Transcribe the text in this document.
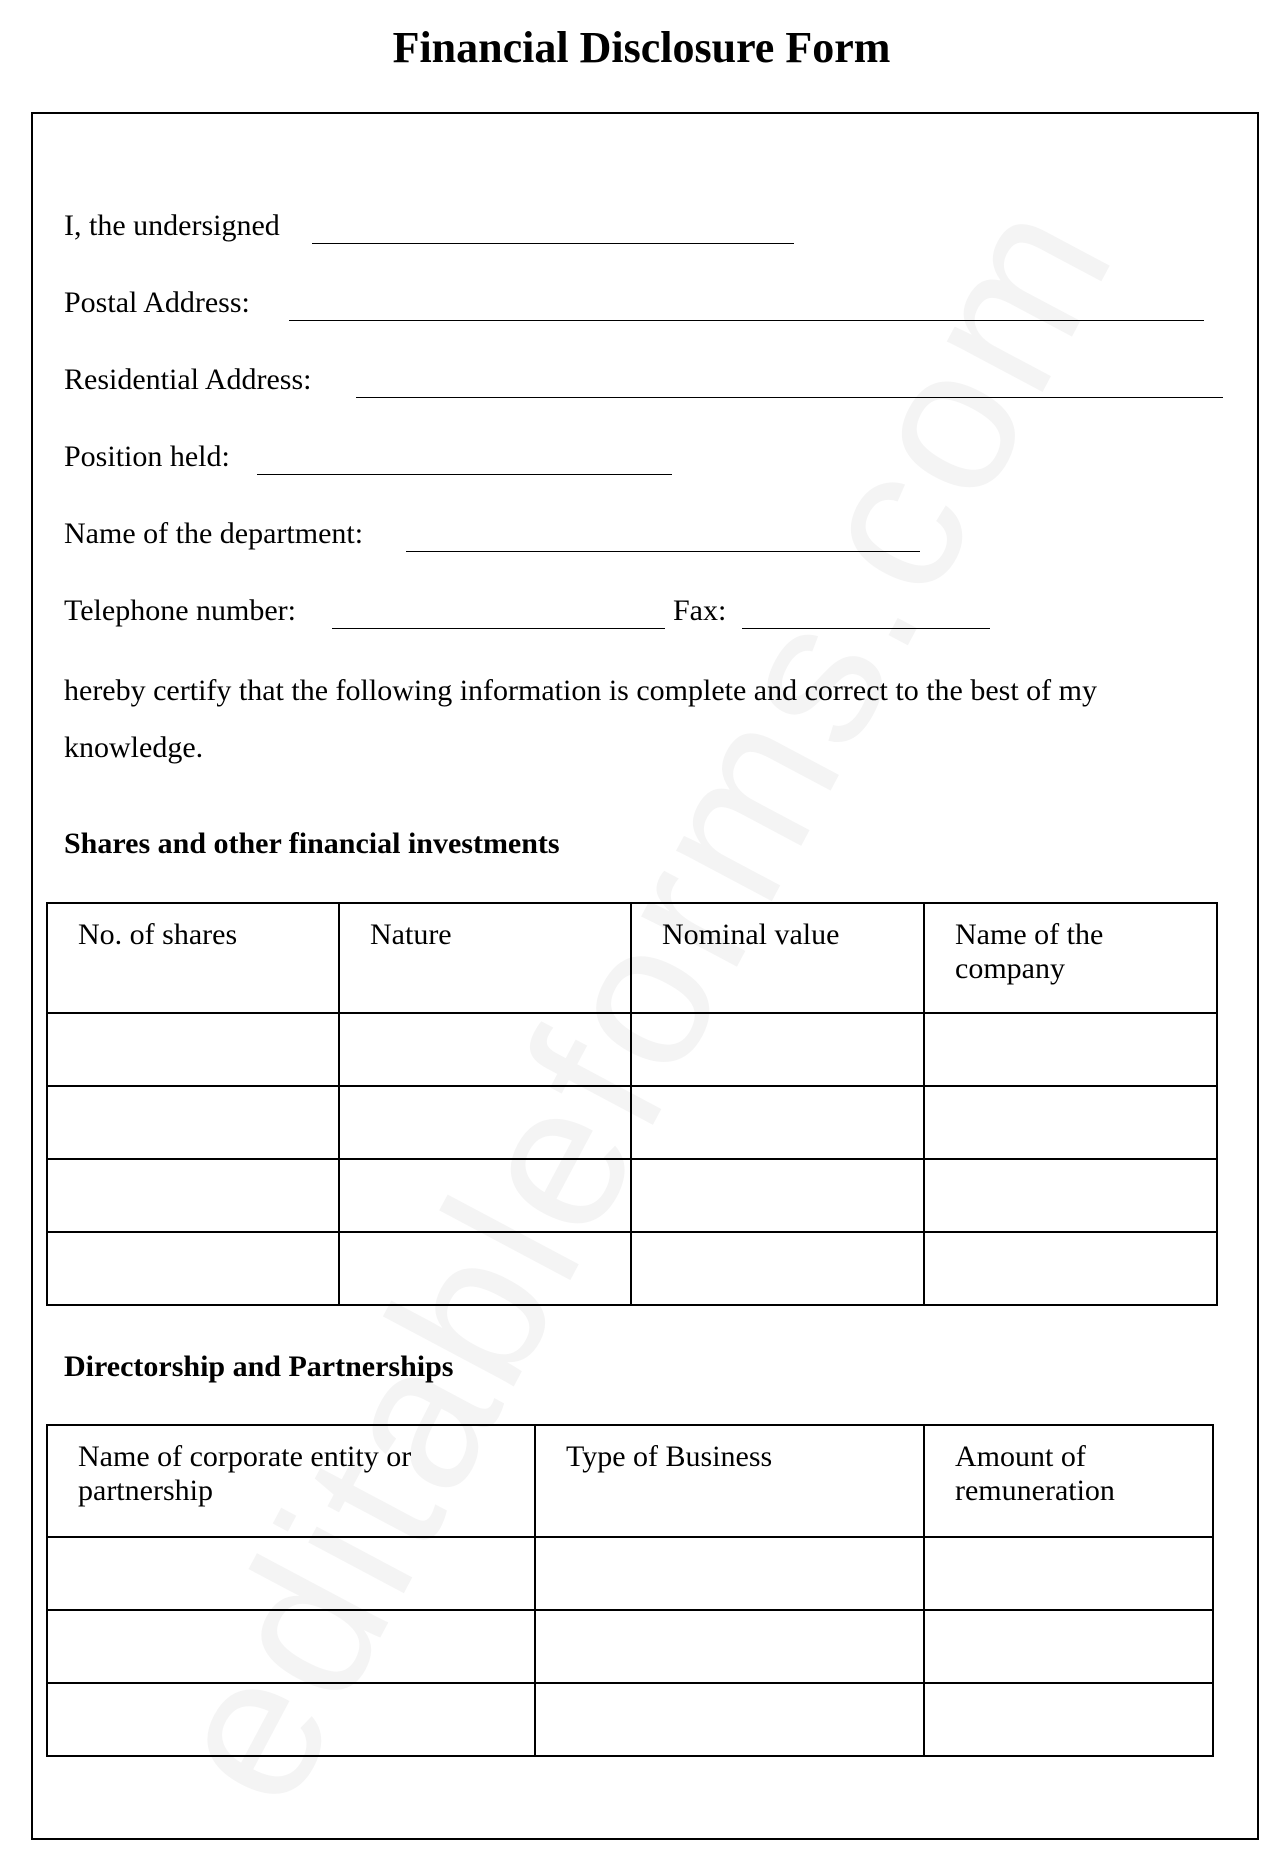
Financial Disclosure Form
I, the undersigned
Postal Address:
Residential Address:
Position held:
Name of the department:
Telephone number:	Fax:
hereby certify that the following information is complete and correct to the best of my knowledge.
Shares and other financial investments
No. of shares	Nature	Nominal value	Name of the company

Directorship and Partnerships
Name of corporate entity or partnership	Type of Business	Amount of remuneration
